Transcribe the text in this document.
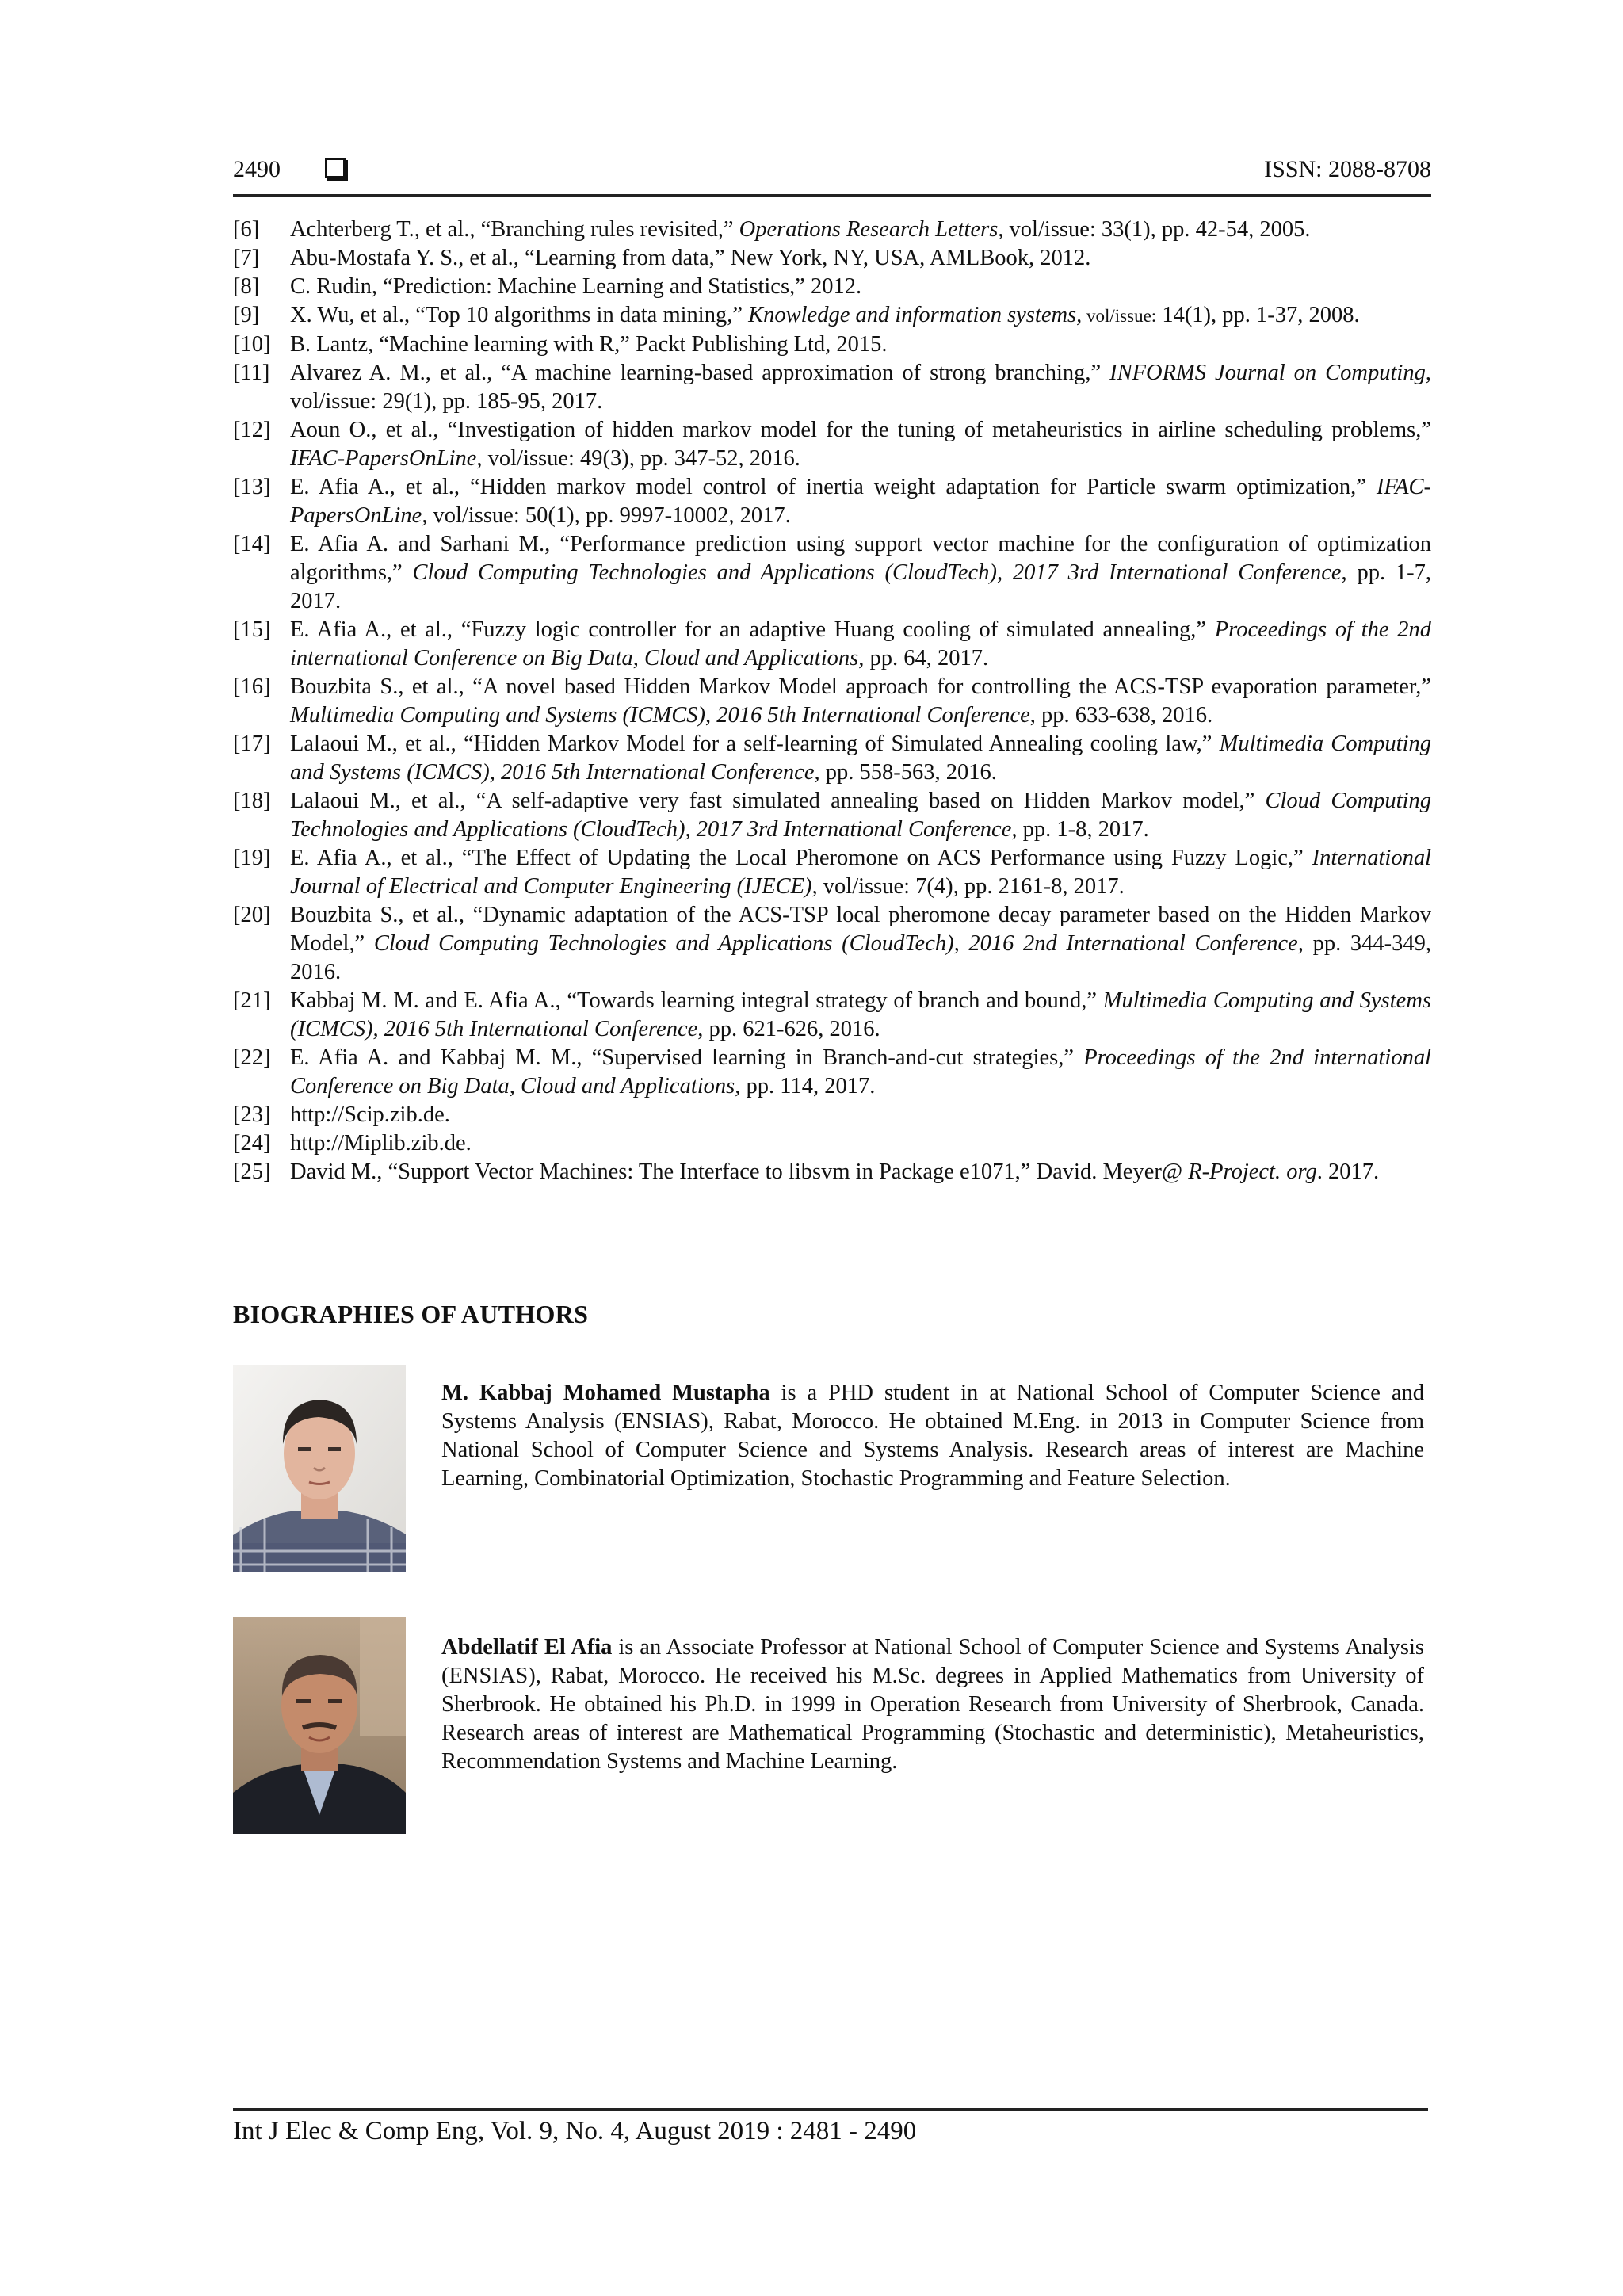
2490	ISSN: 2088-8708
[6]	Achterberg T., et al., “Branching rules revisited,” Operations Research Letters, vol/issue: 33(1), pp. 42-54, 2005.
[7]	Abu-Mostafa Y. S., et al., “Learning from data,” New York, NY, USA, AMLBook, 2012.
[8]	C. Rudin, “Prediction: Machine Learning and Statistics,” 2012.
[9]	X. Wu, et al., “Top 10 algorithms in data mining,” Knowledge and information systems, vol/issue: 14(1), pp. 1-37, 2008.
[10] B. Lantz, “Machine learning with R,” Packt Publishing Ltd, 2015.
[11] Alvarez A. M., et al., “A machine learning-based approximation of strong branching,” INFORMS Journal on Computing, vol/issue: 29(1), pp. 185-95, 2017.
[12] Aoun O., et al., “Investigation of hidden markov model for the tuning of metaheuristics in airline scheduling problems,” IFAC-PapersOnLine, vol/issue: 49(3), pp. 347-52, 2016.
[13] E. Afia A., et al., “Hidden markov model control of inertia weight adaptation for Particle swarm optimization,” IFAC-PapersOnLine, vol/issue: 50(1), pp. 9997-10002, 2017.
[14] E. Afia A. and Sarhani M., “Performance prediction using support vector machine for the configuration of optimization algorithms,” Cloud Computing Technologies and Applications (CloudTech), 2017 3rd International Conference, pp. 1-7, 2017.
[15] E. Afia A., et al., “Fuzzy logic controller for an adaptive Huang cooling of simulated annealing,” Proceedings of the 2nd international Conference on Big Data, Cloud and Applications, pp. 64, 2017.
[16] Bouzbita S., et al., “A novel based Hidden Markov Model approach for controlling the ACS-TSP evaporation parameter,” Multimedia Computing and Systems (ICMCS), 2016 5th International Conference, pp. 633-638, 2016.
[17] Lalaoui M., et al., “Hidden Markov Model for a self-learning of Simulated Annealing cooling law,” Multimedia Computing and Systems (ICMCS), 2016 5th International Conference, pp. 558-563, 2016.
[18] Lalaoui M., et al., “A self-adaptive very fast simulated annealing based on Hidden Markov model,” Cloud Computing Technologies and Applications (CloudTech), 2017 3rd International Conference, pp. 1-8, 2017.
[19] E. Afia A., et al., “The Effect of Updating the Local Pheromone on ACS Performance using Fuzzy Logic,” International Journal of Electrical and Computer Engineering (IJECE), vol/issue: 7(4), pp. 2161-8, 2017.
[20] Bouzbita S., et al., “Dynamic adaptation of the ACS-TSP local pheromone decay parameter based on the Hidden Markov Model,” Cloud Computing Technologies and Applications (CloudTech), 2016 2nd International Conference, pp. 344-349, 2016.
[21] Kabbaj M. M. and E. Afia A., “Towards learning integral strategy of branch and bound,” Multimedia Computing and Systems (ICMCS), 2016 5th International Conference, pp. 621-626, 2016.
[22] E. Afia A. and Kabbaj M. M., “Supervised learning in Branch-and-cut strategies,” Proceedings of the 2nd international Conference on Big Data, Cloud and Applications, pp. 114, 2017.
[23] http://Scip.zib.de.
[24] http://Miplib.zib.de.
[25] David M., “Support Vector Machines: The Interface to libsvm in Package e1071,” David. Meyer@ R-Project. org. 2017.
BIOGRAPHIES OF AUTHORS
M. Kabbaj Mohamed Mustapha is a PHD student in at National School of Computer Science and Systems Analysis (ENSIAS), Rabat, Morocco. He obtained M.Eng. in 2013 in Computer Science from National School of Computer Science and Systems Analysis. Research areas of interest are Machine Learning, Combinatorial Optimization, Stochastic Programming and Feature Selection.
Abdellatif El Afia is an Associate Professor at National School of Computer Science and Systems Analysis (ENSIAS), Rabat, Morocco. He received his M.Sc. degrees in Applied Mathematics from University of Sherbrook. He obtained his Ph.D. in 1999 in Operation Research from University of Sherbrook, Canada. Research areas of interest are Mathematical Programming (Stochastic and deterministic), Metaheuristics, Recommendation Systems and Machine Learning.
Int J Elec & Comp Eng, Vol. 9, No. 4, August 2019 : 2481 - 2490
